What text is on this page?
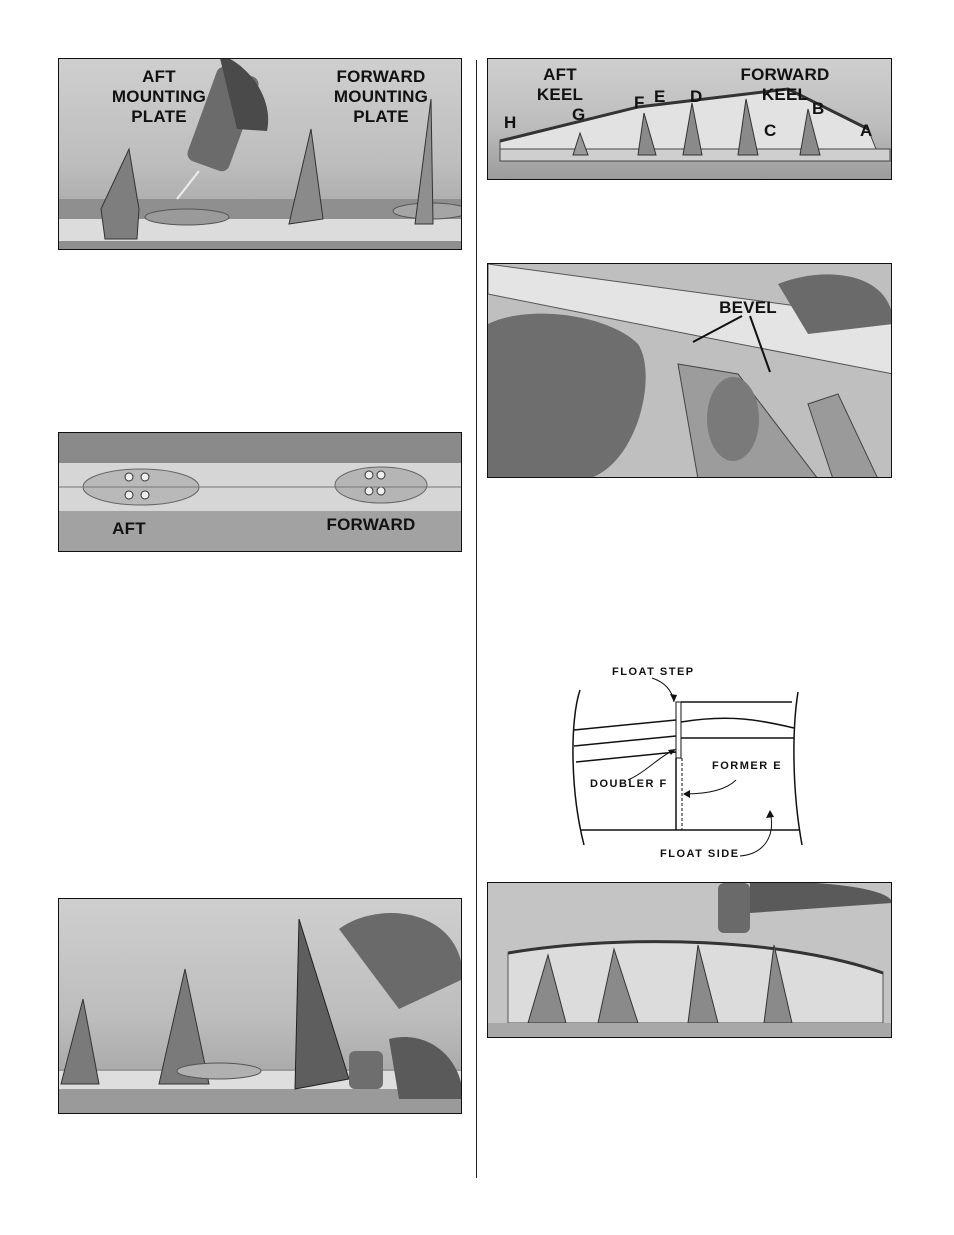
AFT
MOUNTING
PLATE
FORWARD
MOUNTING
PLATE
AFT	FORWARD
AFT
KEEL
FORWARD
KEEL
H	G
F E D
C
B
A
BEVEL
FLOAT STEP
DOUBLER F
FORMER E
FLOAT SIDE
